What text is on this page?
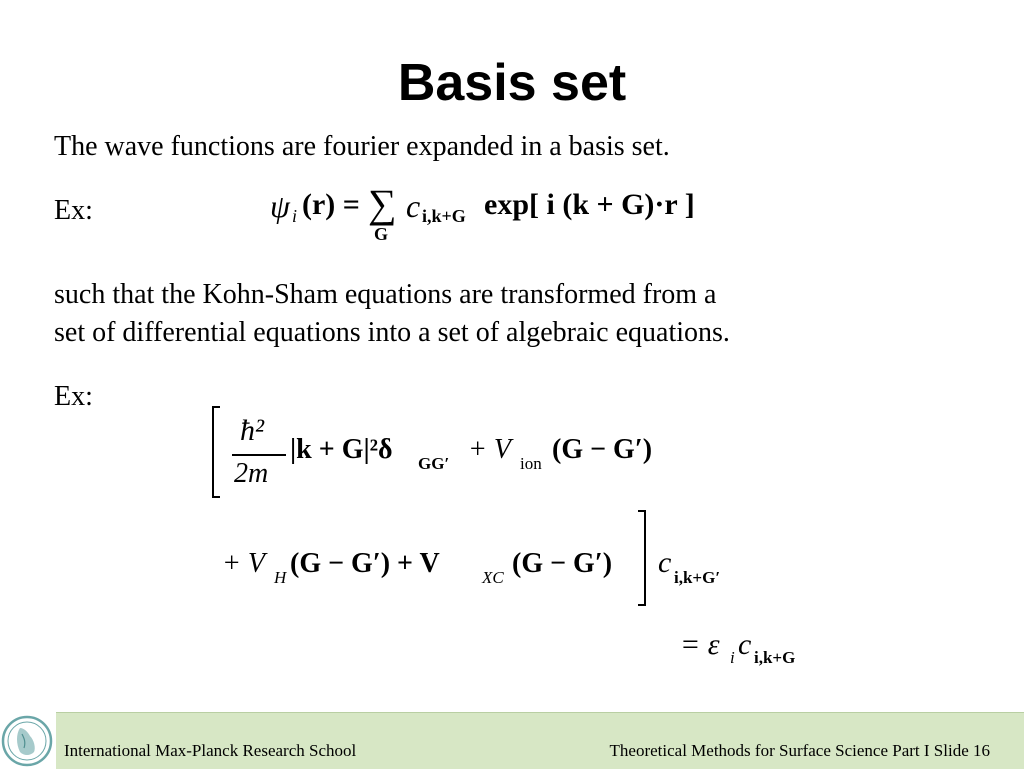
Basis set
The wave functions are fourier expanded in a basis set.
Ex:	ψ i (r) = ∑
G
c i,k+G exp[ i (k + G)·r ]
such that the Kohn-Sham equations are transformed from a
set of differential equations into a set of algebraic equations.
Ex:
ħ²
2m
|k + G|²δ GG′ + V ion (G − G′)
+ V H (G − G′) + V XC (G − G′) c i,k+G′
= ε i c i,k+G
International Max-Planck Research School	Theoretical Methods for Surface Science Part I Slide 16
